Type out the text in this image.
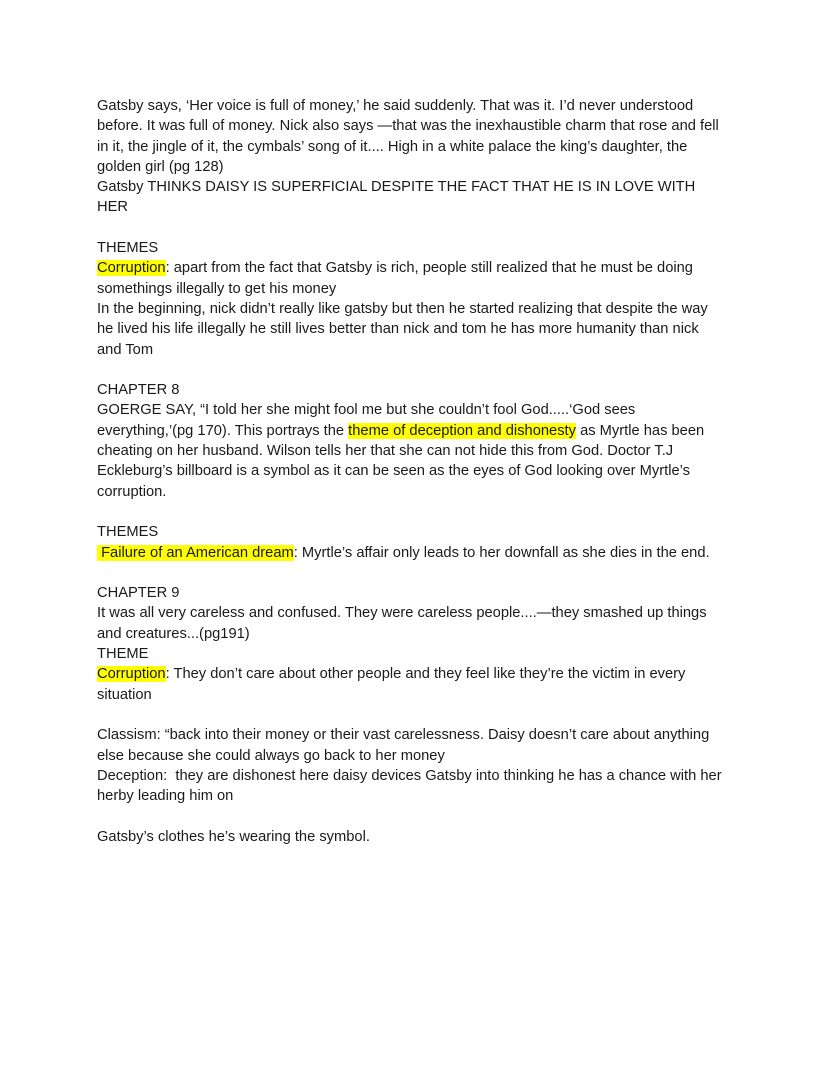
Gatsby says, ‘Her voice is full of money,’ he said suddenly. That was it. I’d never understood
before. It was full of money. Nick also says —that was the inexhaustible charm that rose and fell
in it, the jingle of it, the cymbals’ song of it.... High in a white palace the king’s daughter, the
golden girl (pg 128)
Gatsby THINKS DAISY IS SUPERFICIAL DESPITE THE FACT THAT HE IS IN LOVE WITH
HER
THEMES
Corruption: apart from the fact that Gatsby is rich, people still realized that he must be doing
somethings illegally to get his money
In the beginning, nick didn’t really like gatsby but then he started realizing that despite the way
he lived his life illegally he still lives better than nick and tom he has more humanity than nick
and Tom
CHAPTER 8
GOERGE SAY, “I told her she might fool me but she couldn’t fool God.....‘God sees
everything,’(pg 170). This portrays the theme of deception and dishonesty as Myrtle has been
cheating on her husband. Wilson tells her that she can not hide this from God. Doctor T.J
Eckleburg’s billboard is a symbol as it can be seen as the eyes of God looking over Myrtle’s
corruption.
THEMES
Failure of an American dream: Myrtle’s affair only leads to her downfall as she dies in the end.
CHAPTER 9
It was all very careless and confused. They were careless people....—they smashed up things
and creatures...(pg191)
THEME
Corruption: They don’t care about other people and they feel like they’re the victim in every
situation
Classism: “back into their money or their vast carelessness. Daisy doesn’t care about anything
else because she could always go back to her money
Deception:  they are dishonest here daisy devices Gatsby into thinking he has a chance with her
herby leading him on
Gatsby’s clothes he’s wearing the symbol.
